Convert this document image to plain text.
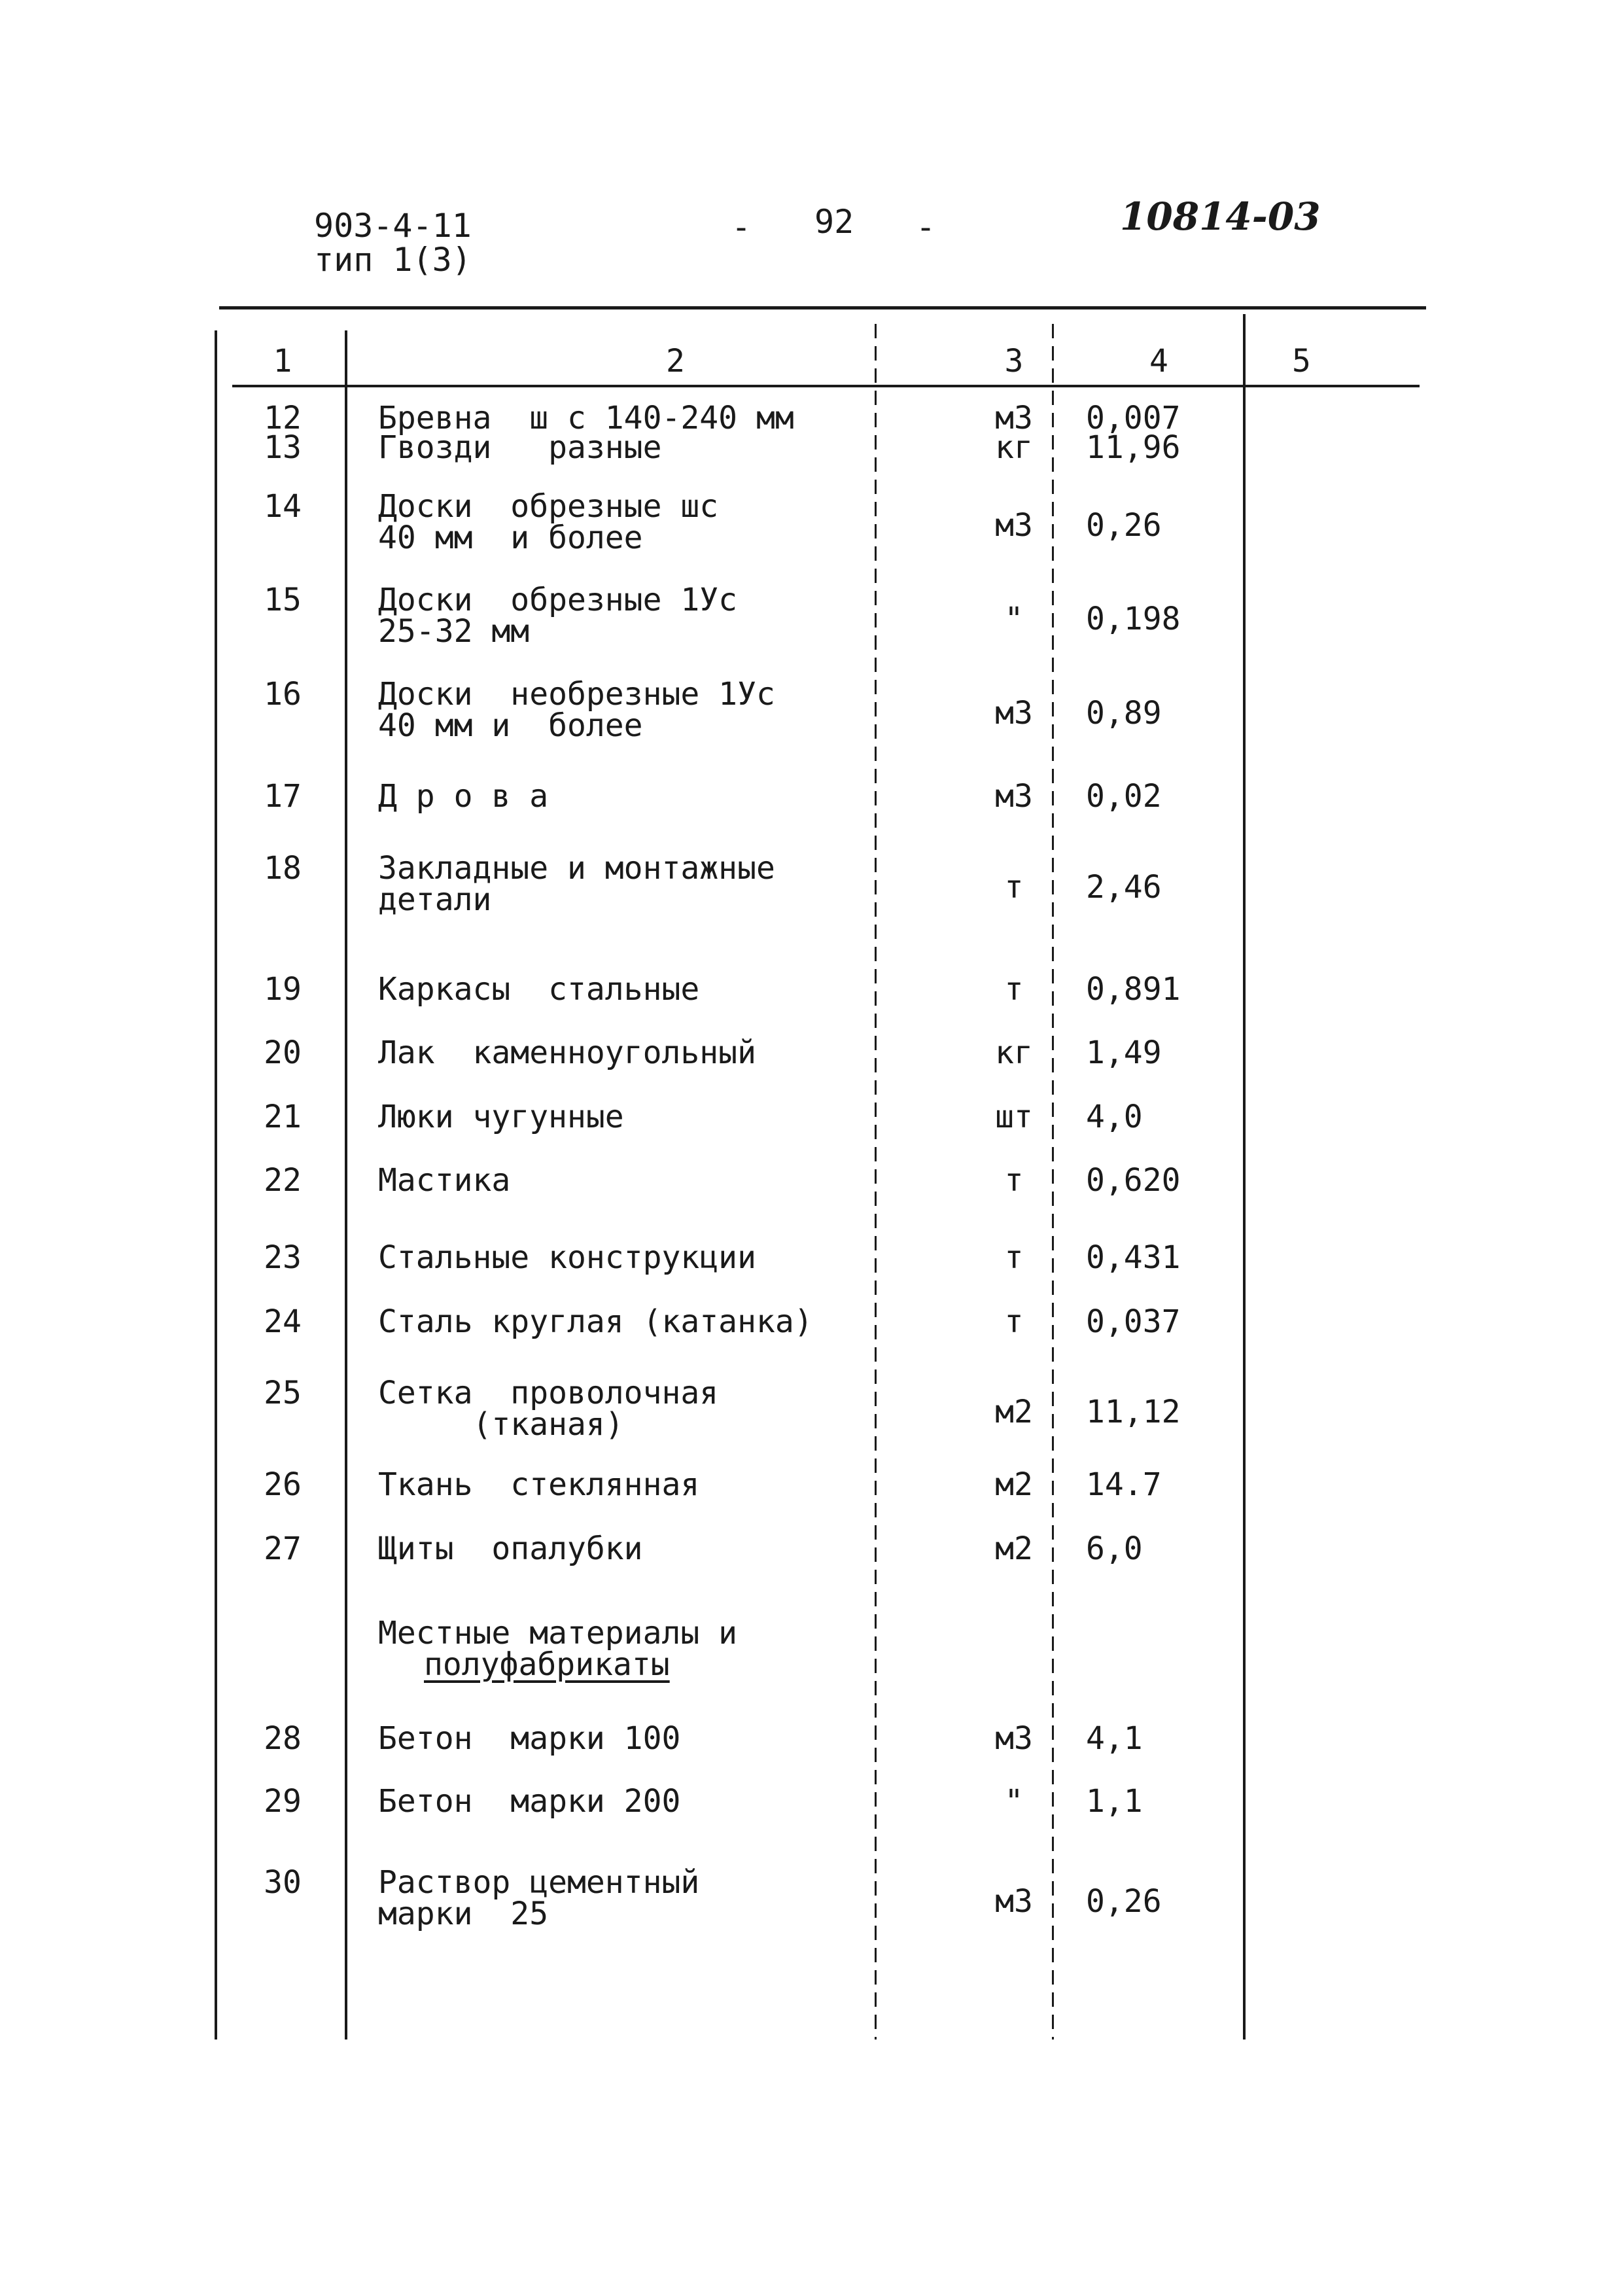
903-4-11
тип 1(3)
- 92 -	10814-03
1	2	3	4	5
12	Бревна  ш с 140-240 мм	м3	0,007
13	Гвозди   разные	кг	11,96
14	Доски  обрезные шс
40 мм  и более	м3	0,26
15	Доски  обрезные 1Ус
25-32 мм	"	0,198
16	Доски  необрезные 1Ус
40 мм и  более	м3	0,89
17	Д р о в а	м3	0,02
18	Закладные и монтажные
детали	т	2,46
19	Каркасы  стальные	т	0,891
20	Лак  каменноугольный	кг	1,49
21	Люки чугунные	шт	4,0
22	Мастика	т	0,620
23	Стальные конструкции	т	0,431
24	Сталь круглая (катанка)	т	0,037
25	Сетка  проволочная
(тканая)	м2	11,12
26	Ткань  стеклянная	м2	14.7
27	Щиты  опалубки	м2	6,0
Местные материалы и
полуфабрикаты
28	Бетон  марки 100	м3	4,1
29	Бетон  марки 200	"	1,1
30	Раствор цементный
марки  25	м3	0,26
